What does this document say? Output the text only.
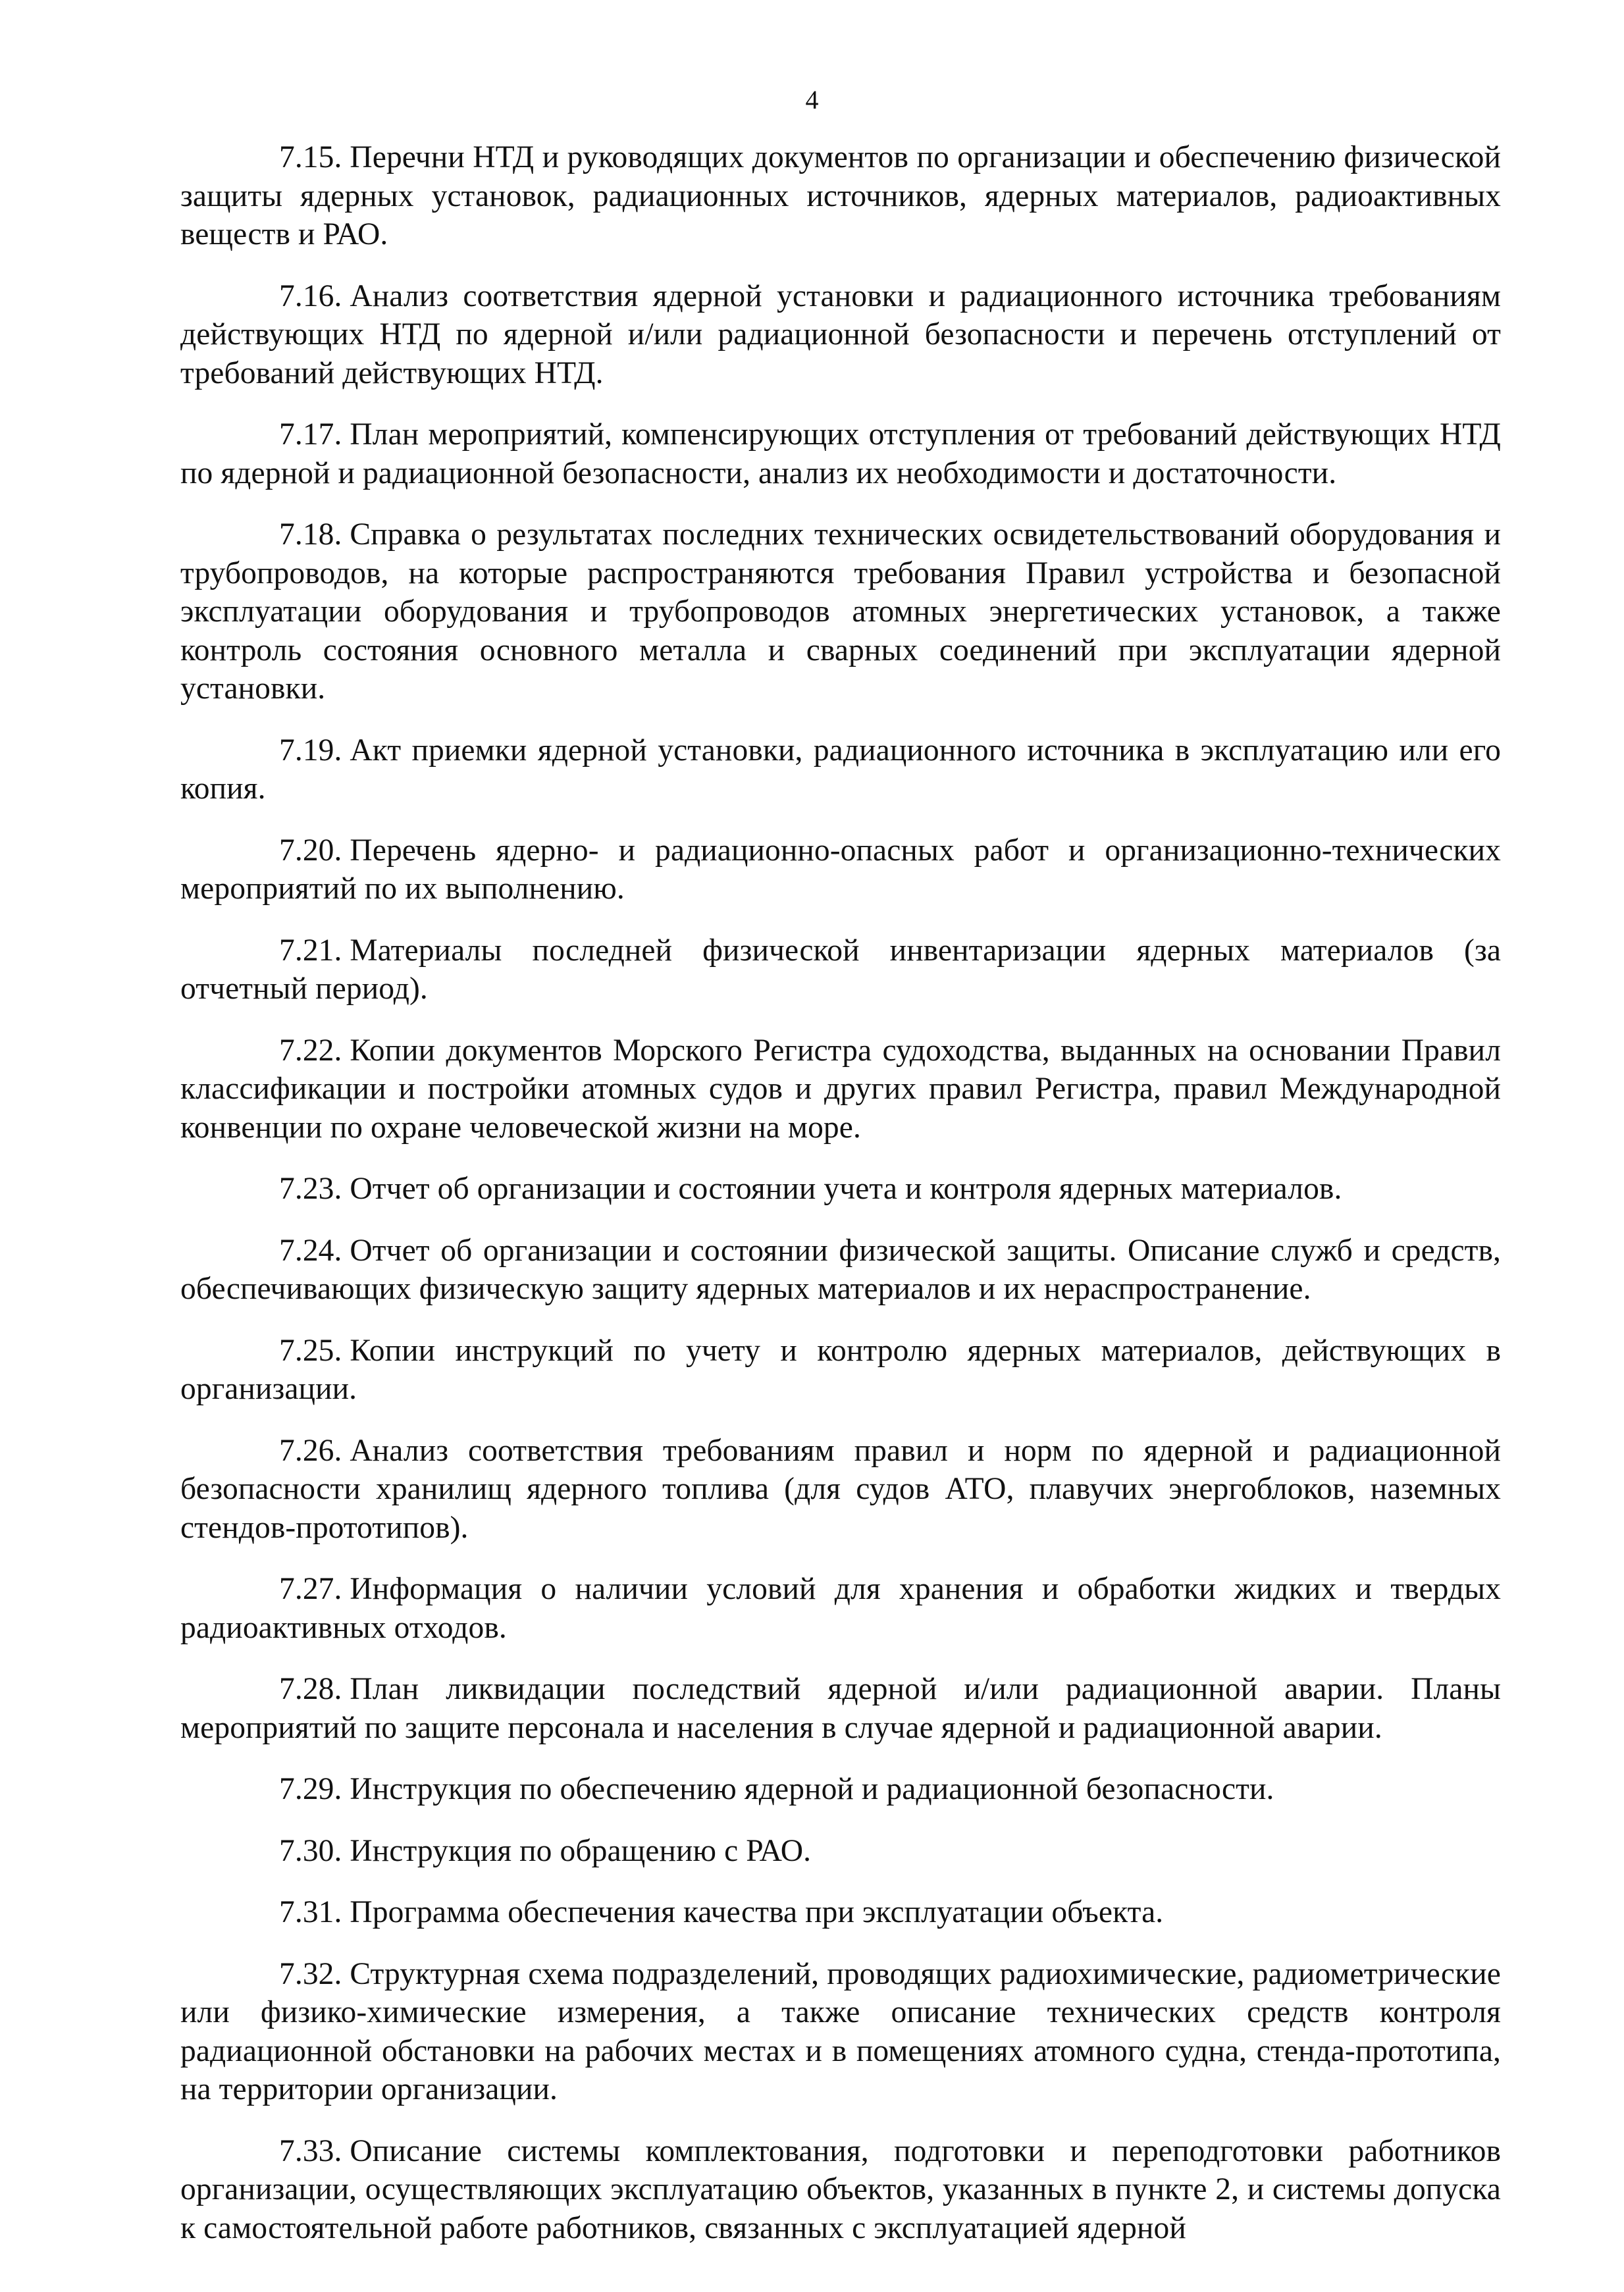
4

7.15. Перечни НТД и руководящих документов по организации и обеспечению физической защиты ядерных установок, радиационных источников, ядерных материалов, радиоактивных веществ и РАО.

7.16. Анализ соответствия ядерной установки и радиационного источника требованиям действующих НТД по ядерной и/или радиационной безопасности и перечень отступлений от требований действующих НТД.

7.17. План мероприятий, компенсирующих отступления от требований действующих НТД по ядерной и радиационной безопасности, анализ их необходимости и достаточности.

7.18. Справка о результатах последних технических освидетельствований оборудования и трубопроводов, на которые распространяются требования Правил устройства и безопасной эксплуатации оборудования и трубопроводов атомных энергетических установок, а также контроль состояния основного металла и сварных соединений при эксплуатации ядерной установки.

7.19. Акт приемки ядерной установки, радиационного источника в эксплуатацию или его копия.

7.20. Перечень ядерно- и радиационно-опасных работ и организационно-технических мероприятий по их выполнению.

7.21. Материалы последней физической инвентаризации ядерных материалов (за отчетный период).

7.22. Копии документов Морского Регистра судоходства, выданных на основании Правил классификации и постройки атомных судов и других правил Регистра, правил Международной конвенции по охране человеческой жизни на море.

7.23. Отчет об организации и состоянии учета и контроля ядерных материалов.

7.24. Отчет об организации и состоянии физической защиты. Описание служб и средств, обеспечивающих физическую защиту ядерных материалов и их нераспространение.

7.25. Копии инструкций по учету и контролю ядерных материалов, действующих в организации.

7.26. Анализ соответствия требованиям правил и норм по ядерной и радиационной безопасности хранилищ ядерного топлива (для судов АТО, плавучих энергоблоков, наземных стендов-прототипов).

7.27. Информация о наличии условий для хранения и обработки жидких и твердых радиоактивных отходов.

7.28. План ликвидации последствий ядерной и/или радиационной аварии. Планы мероприятий по защите персонала и населения в случае ядерной и радиационной аварии.

7.29. Инструкция по обеспечению ядерной и радиационной безопасности.

7.30. Инструкция по обращению с РАО.

7.31. Программа обеспечения качества при эксплуатации объекта.

7.32. Структурная схема подразделений, проводящих радиохимические, радиометрические или физико-химические измерения, а также описание технических средств контроля радиационной обстановки на рабочих местах и в помещениях атомного судна, стенда-прототипа, на территории организации.

7.33. Описание системы комплектования, подготовки и переподготовки работников организации, осуществляющих эксплуатацию объектов, указанных в пункте 2, и системы допуска к самостоятельной работе работников, связанных с эксплуатацией ядерной
